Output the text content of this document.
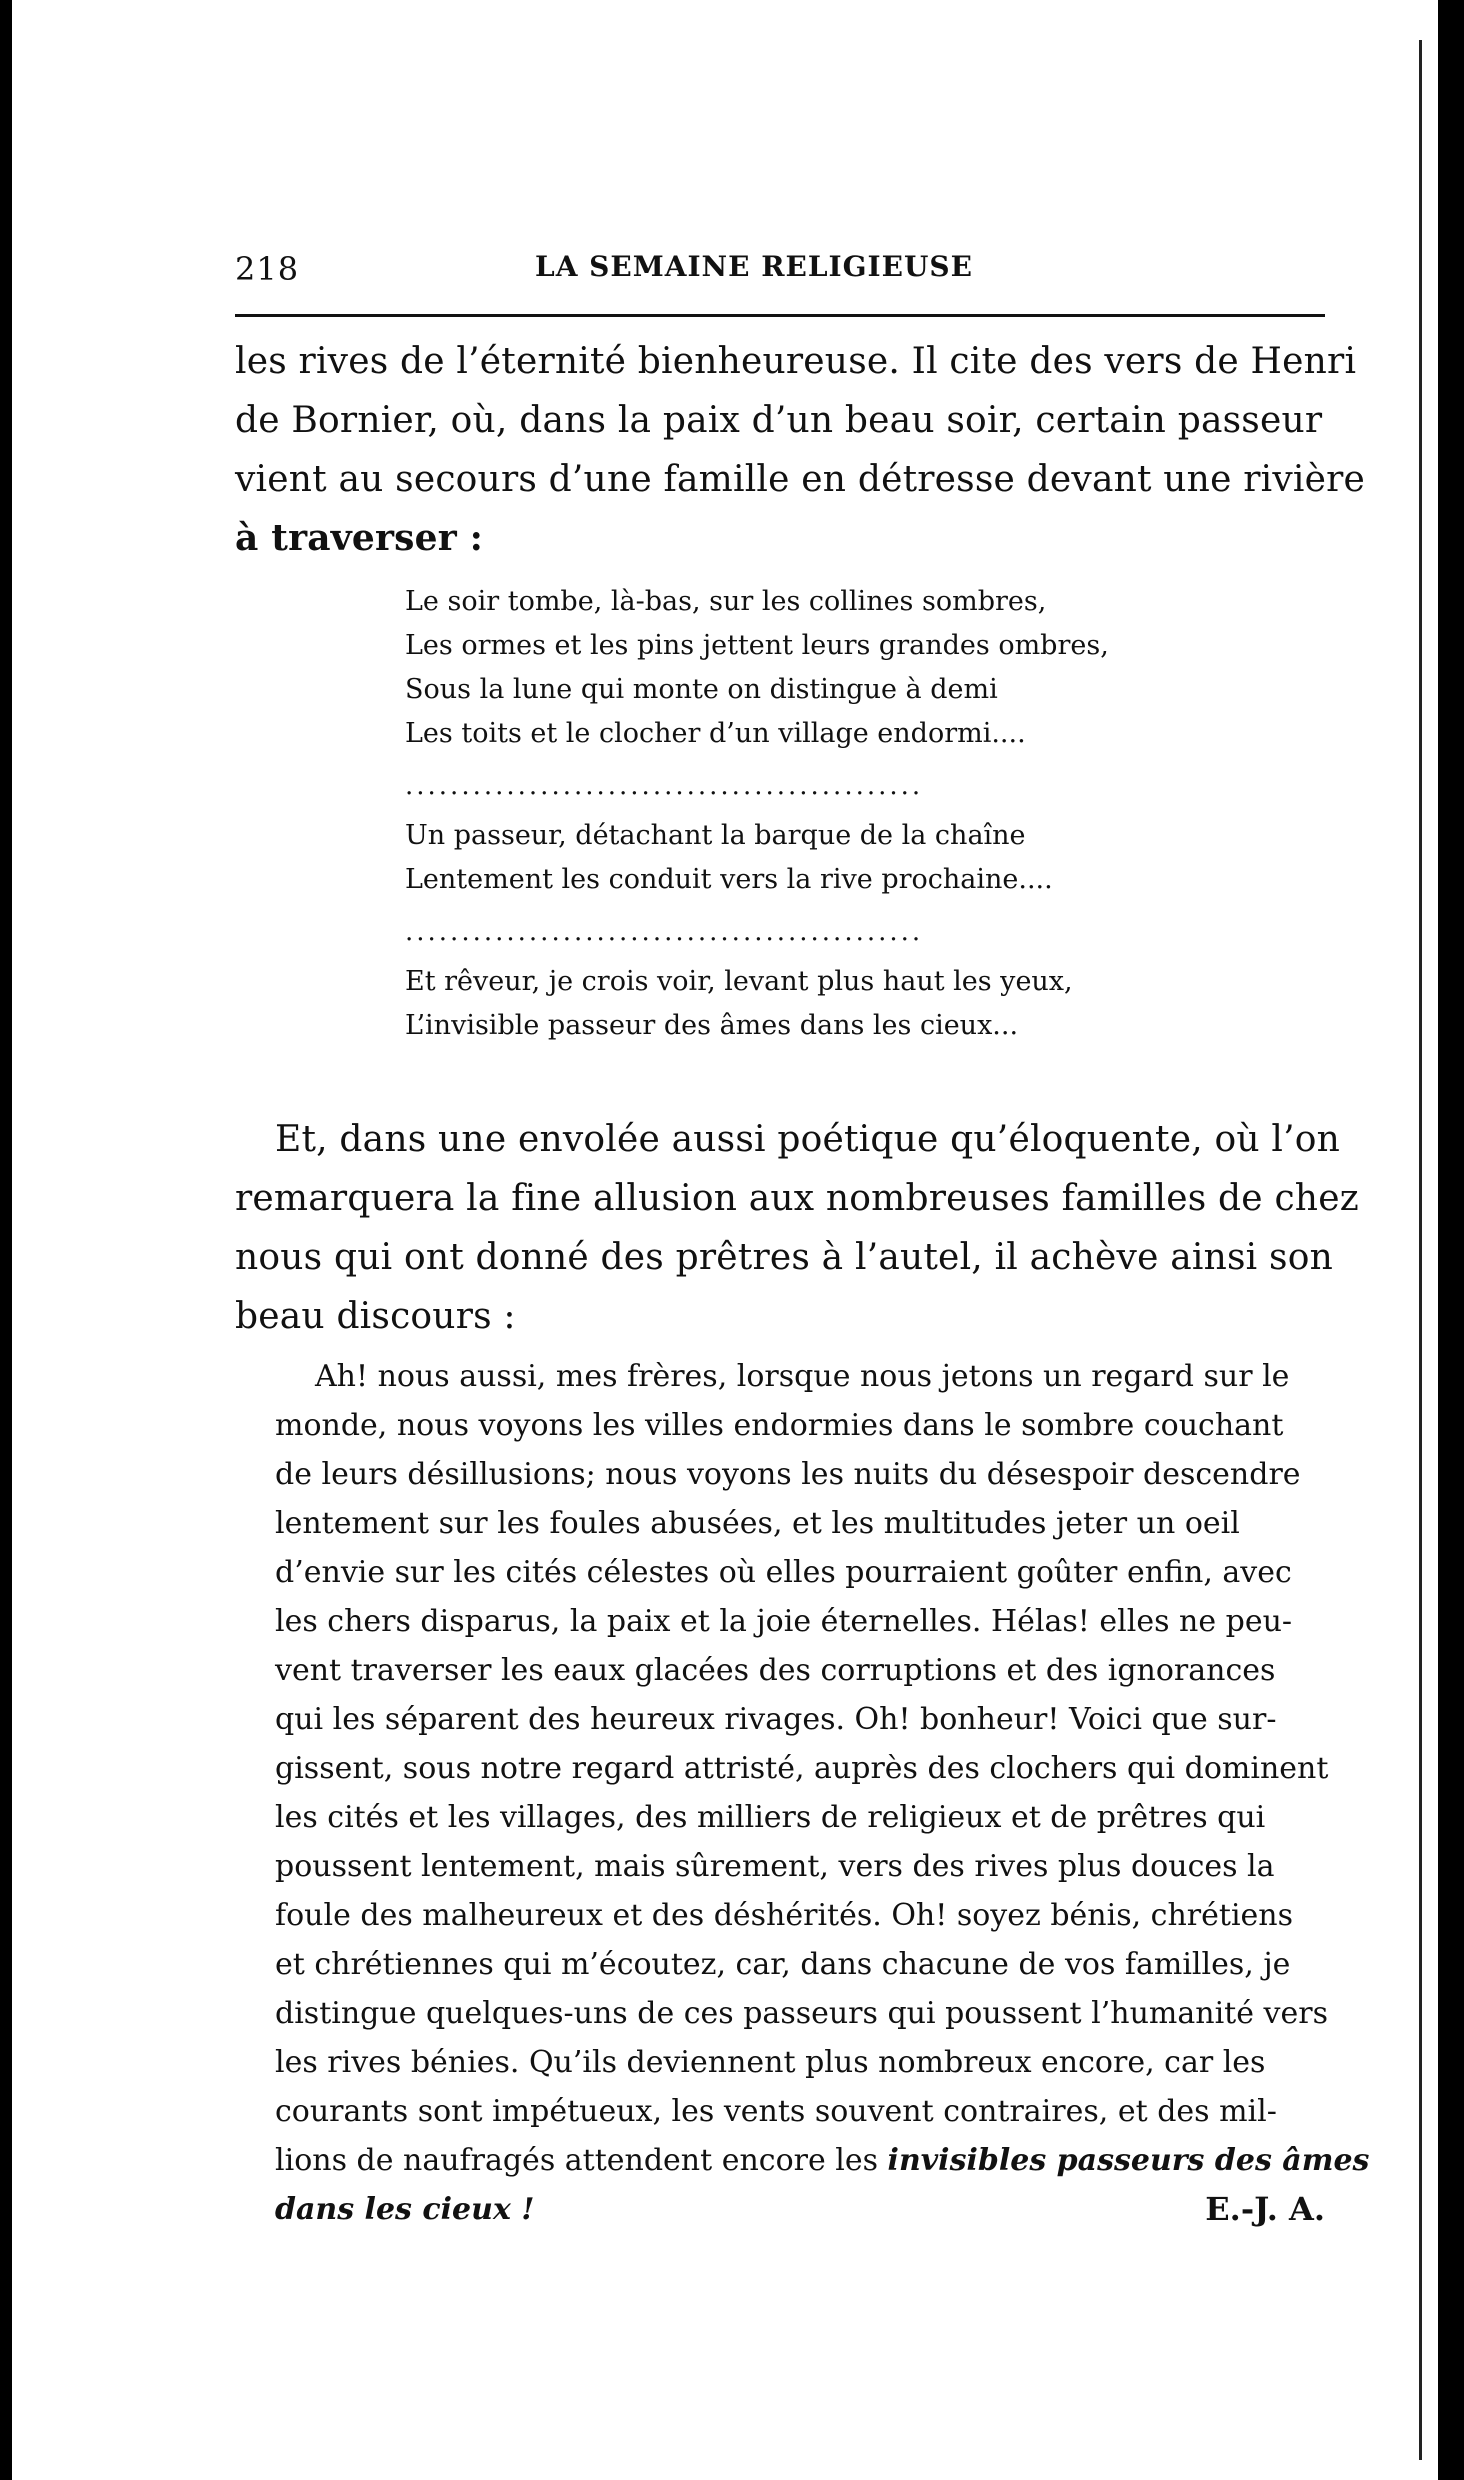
218	LA SEMAINE RELIGIEUSE
les rives de l’éternité bienheureuse. Il cite des vers de Henri
de Bornier, où, dans la paix d’un beau soir, certain passeur
vient au secours d’une famille en détresse devant une rivière
à traverser :
Le soir tombe, là-bas, sur les collines sombres,
Les ormes et les pins jettent leurs grandes ombres,
Sous la lune qui monte on distingue à demi
Les toits et le clocher d’un village endormi....
..............................................
Un passeur, détachant la barque de la chaîne
Lentement les conduit vers la rive prochaine....
..............................................
Et rêveur, je crois voir, levant plus haut les yeux,
L’invisible passeur des âmes dans les cieux...
Et, dans une envolée aussi poétique qu’éloquente, où l’on
remarquera la fine allusion aux nombreuses familles de chez
nous qui ont donné des prêtres à l’autel, il achève ainsi son
beau discours :
Ah! nous aussi, mes frères, lorsque nous jetons un regard sur le
monde, nous voyons les villes endormies dans le sombre couchant
de leurs désillusions; nous voyons les nuits du désespoir descendre
lentement sur les foules abusées, et les multitudes jeter un oeil
d’envie sur les cités célestes où elles pourraient goûter enfin, avec
les chers disparus, la paix et la joie éternelles. Hélas! elles ne peu-
vent traverser les eaux glacées des corruptions et des ignorances
qui les séparent des heureux rivages. Oh! bonheur! Voici que sur-
gissent, sous notre regard attristé, auprès des clochers qui dominent
les cités et les villages, des milliers de religieux et de prêtres qui
poussent lentement, mais sûrement, vers des rives plus douces la
foule des malheureux et des déshérités. Oh! soyez bénis, chrétiens
et chrétiennes qui m’écoutez, car, dans chacune de vos familles, je
distingue quelques-uns de ces passeurs qui poussent l’humanité vers
les rives bénies. Qu’ils deviennent plus nombreux encore, car les
courants sont impétueux, les vents souvent contraires, et des mil-
lions de naufragés attendent encore les invisibles passeurs des âmes
dans les cieux !	E.-J. A.
